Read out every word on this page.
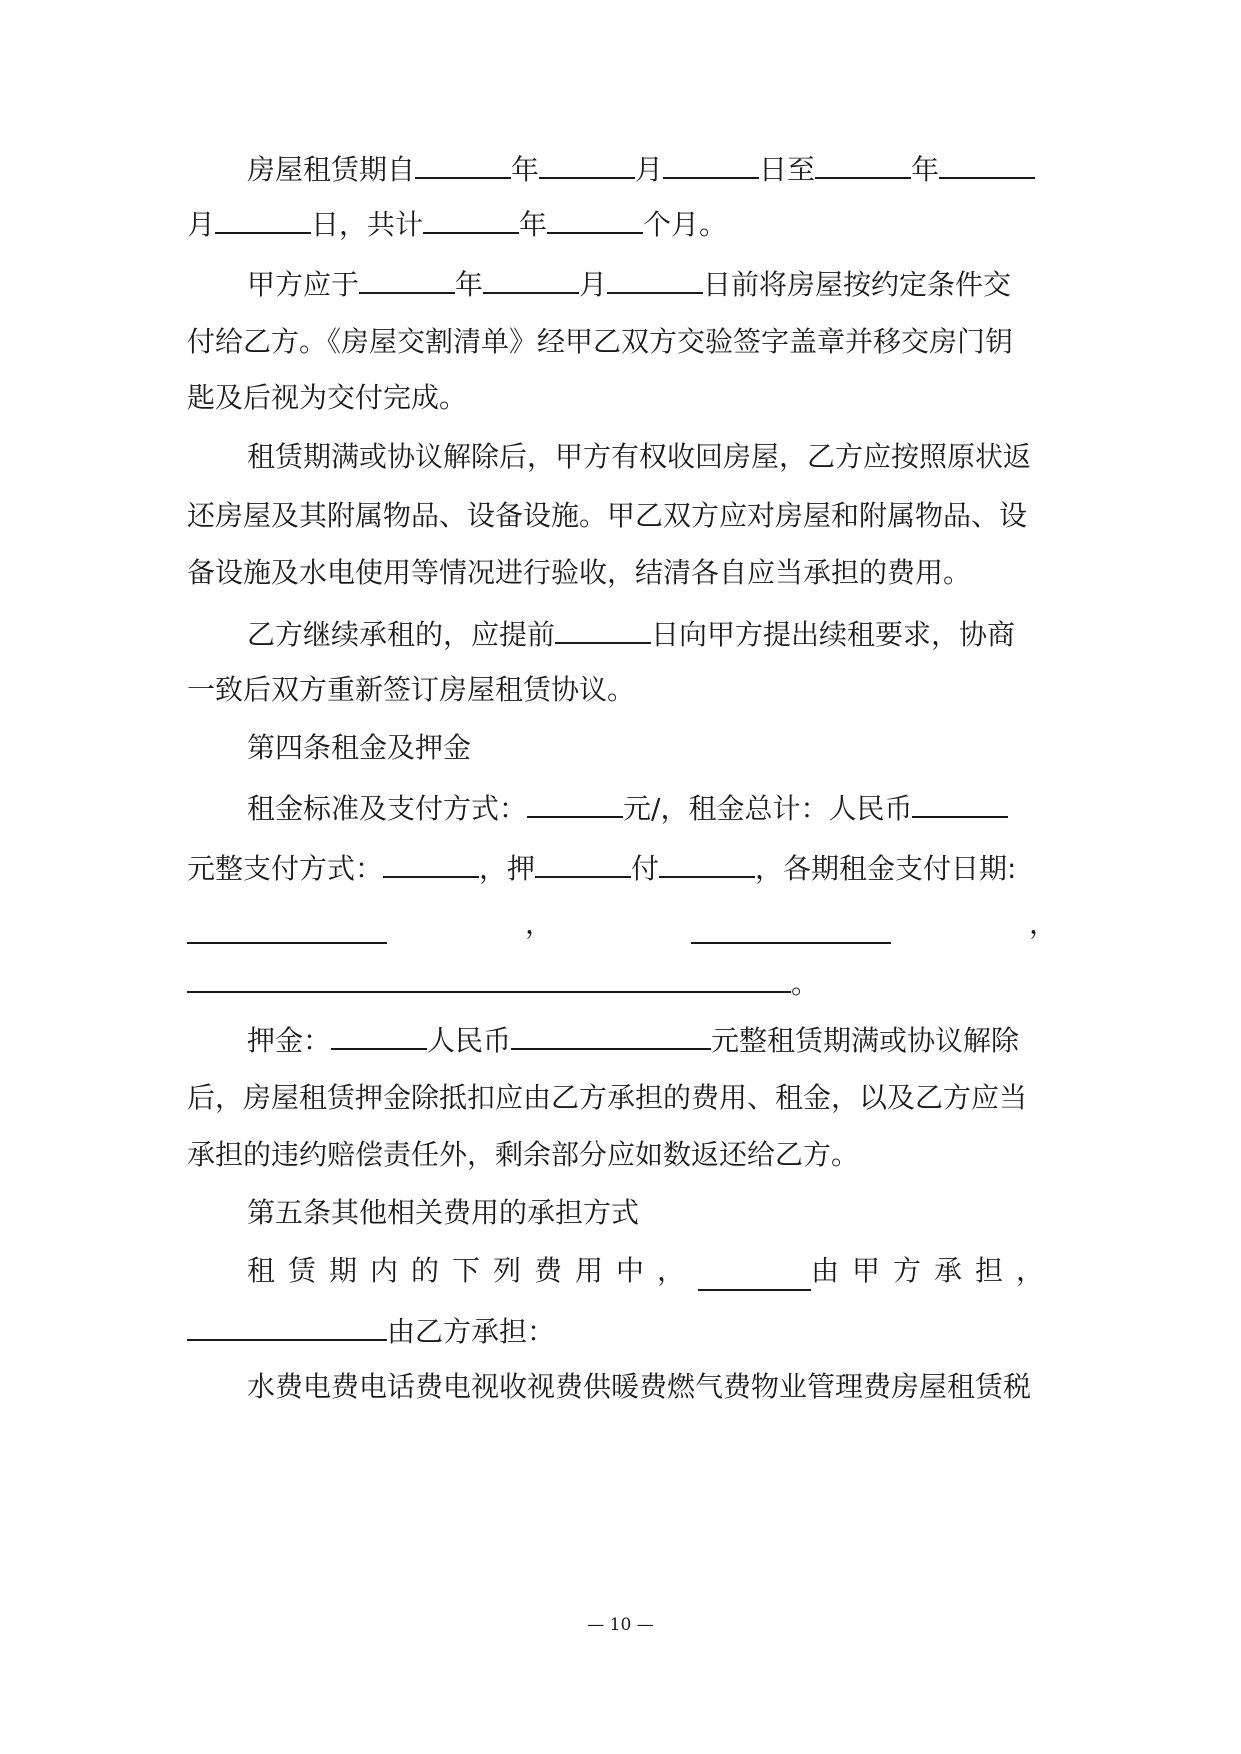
房屋租赁期自	年	月	日至	年
月	日，共计	年	个月。
甲方应于	年	月	日前将房屋按约定条件交
付给乙方。《房屋交割清单》经甲乙双方交验签字盖章并移交房门钥
匙及后视为交付完成。
租赁期满或协议解除后，甲方有权收回房屋，乙方应按照原状返
还房屋及其附属物品、设备设施。甲乙双方应对房屋和附属物品、设
备设施及水电使用等情况进行验收，结清各自应当承担的费用。
乙方继续承租的，应提前	日向甲方提出续租要求，协商
一致后双方重新签订房屋租赁协议。
第四条租金及押金
租金标准及支付方式：	元/，租金总计：人民币
元整支付方式：	，押	付	，各期租金支付日期:
，	，
。
押金：	人民币	元整租赁期满或协议解除
后，房屋租赁押金除抵扣应由乙方承担的费用、租金，以及乙方应当
承担的违约赔偿责任外，剩余部分应如数返还给乙方。
第五条其他相关费用的承担方式
租赁期内的下列费用中，	由甲方承担，
由乙方承担：
水费电费电话费电视收视费供暖费燃气费物业管理费房屋租赁税
— 10 —
